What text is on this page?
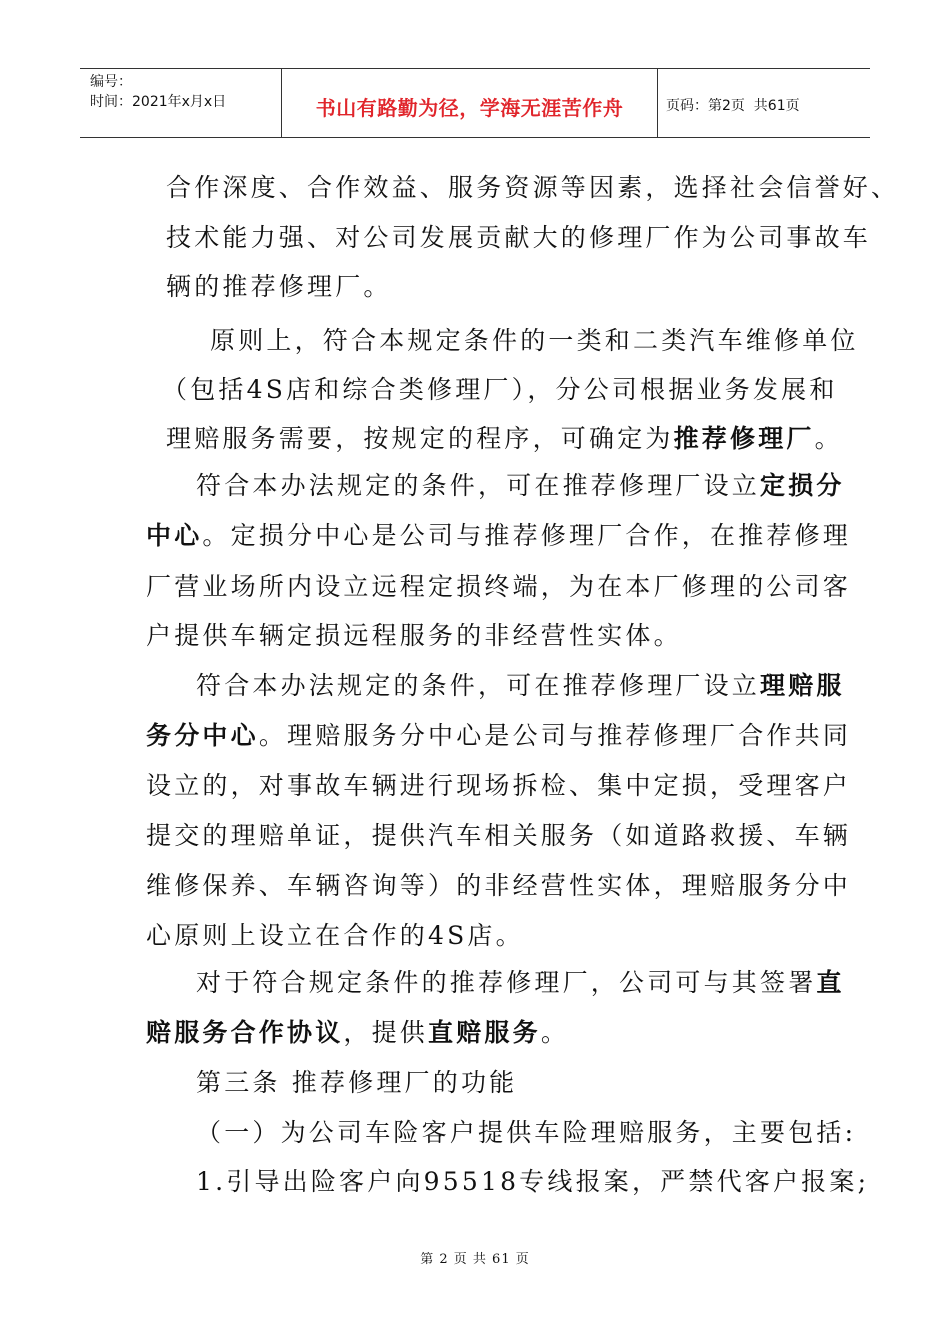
编号：
时间：2021年x月x日	书山有路勤为径，学海无涯苦作舟	页码：第2页  共61页
合作深度、合作效益、服务资源等因素，选择社会信誉好、
技术能力强、对公司发展贡献大的修理厂作为公司事故车
辆的推荐修理厂。
原则上，符合本规定条件的一类和二类汽车维修单位
（包括4S店和综合类修理厂），分公司根据业务发展和
理赔服务需要，按规定的程序，可确定为推荐修理厂。
符合本办法规定的条件，可在推荐修理厂设立定损分
中心。定损分中心是公司与推荐修理厂合作，在推荐修理
厂营业场所内设立远程定损终端，为在本厂修理的公司客
户提供车辆定损远程服务的非经营性实体。
符合本办法规定的条件，可在推荐修理厂设立理赔服
务分中心。理赔服务分中心是公司与推荐修理厂合作共同
设立的，对事故车辆进行现场拆检、集中定损，受理客户
提交的理赔单证，提供汽车相关服务（如道路救援、车辆
维修保养、车辆咨询等）的非经营性实体，理赔服务分中
心原则上设立在合作的4S店。
对于符合规定条件的推荐修理厂，公司可与其签署直
赔服务合作协议，提供直赔服务。
第三条 推荐修理厂的功能
（一）为公司车险客户提供车险理赔服务，主要包括:
1.引导出险客户向95518专线报案，严禁代客户报案;
第 2 页 共 61 页
